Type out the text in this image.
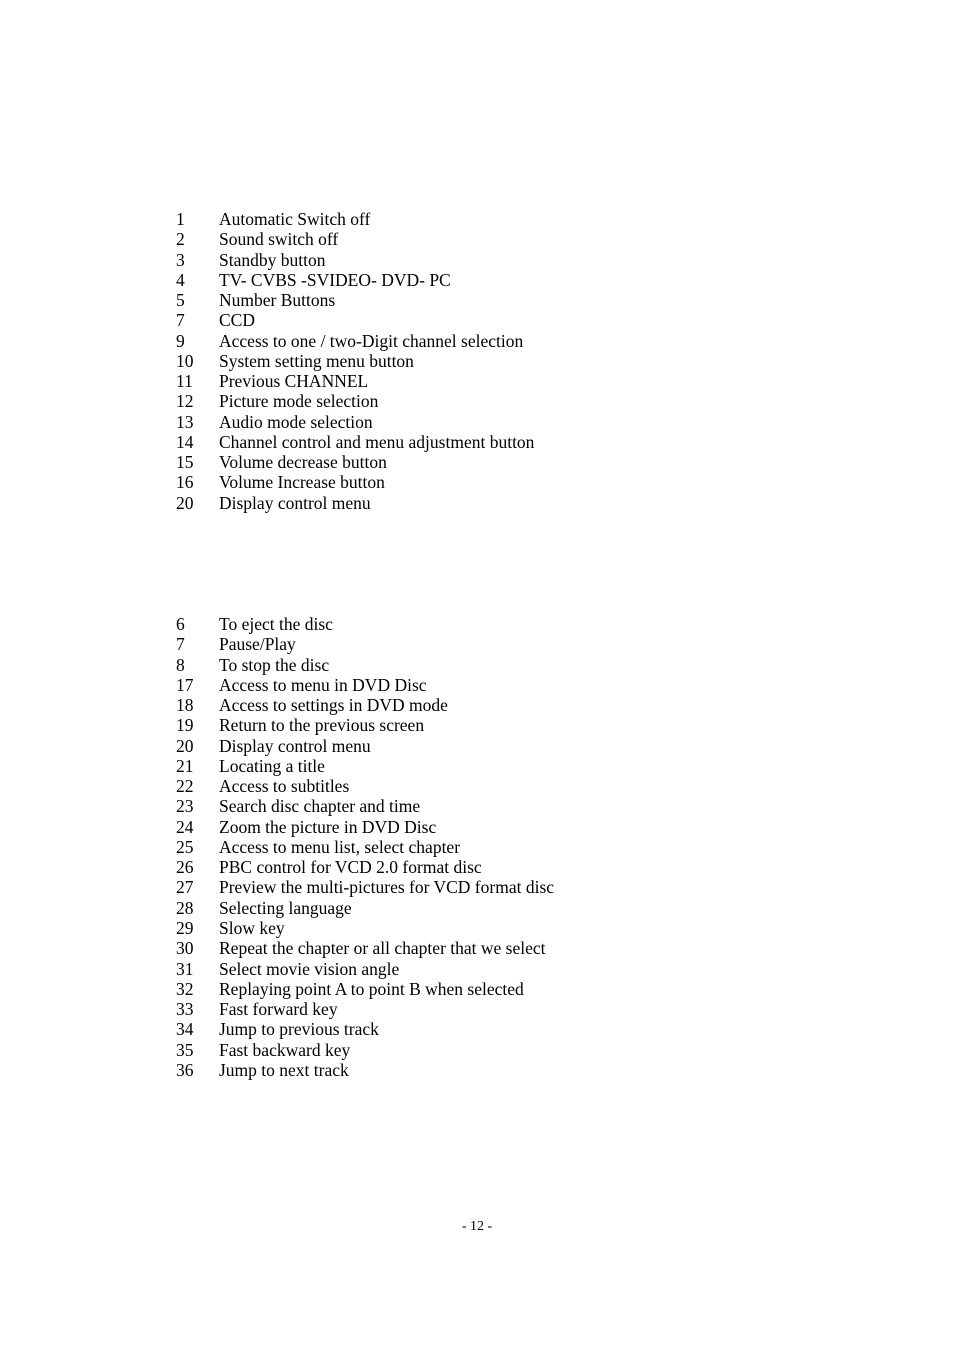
1	Automatic Switch off
2	Sound switch off
3	Standby button
4	TV- CVBS -SVIDEO- DVD- PC
5	Number Buttons
7	CCD
9	Access to one / two-Digit channel selection
10	System setting menu button
11	Previous CHANNEL
12	Picture mode selection
13	Audio mode selection
14	Channel control and menu adjustment button
15	Volume decrease button
16	Volume Increase button
20	Display control menu
6	To eject the disc
7	Pause/Play
8	To stop the disc
17	Access to menu in DVD Disc
18	Access to settings in DVD mode
19	Return to the previous screen
20	Display control menu
21	Locating a title
22	Access to subtitles
23	Search disc chapter and time
24	Zoom the picture in DVD Disc
25	Access to menu list, select chapter
26	PBC control for VCD 2.0 format disc
27	Preview the multi-pictures for VCD format disc
28	Selecting language
29	Slow key
30	Repeat the chapter or all chapter that we select
31	Select movie vision angle
32	Replaying point A to point B when selected
33	Fast forward key
34	Jump to previous track
35	Fast backward key
36	Jump to next track
- 12 -
